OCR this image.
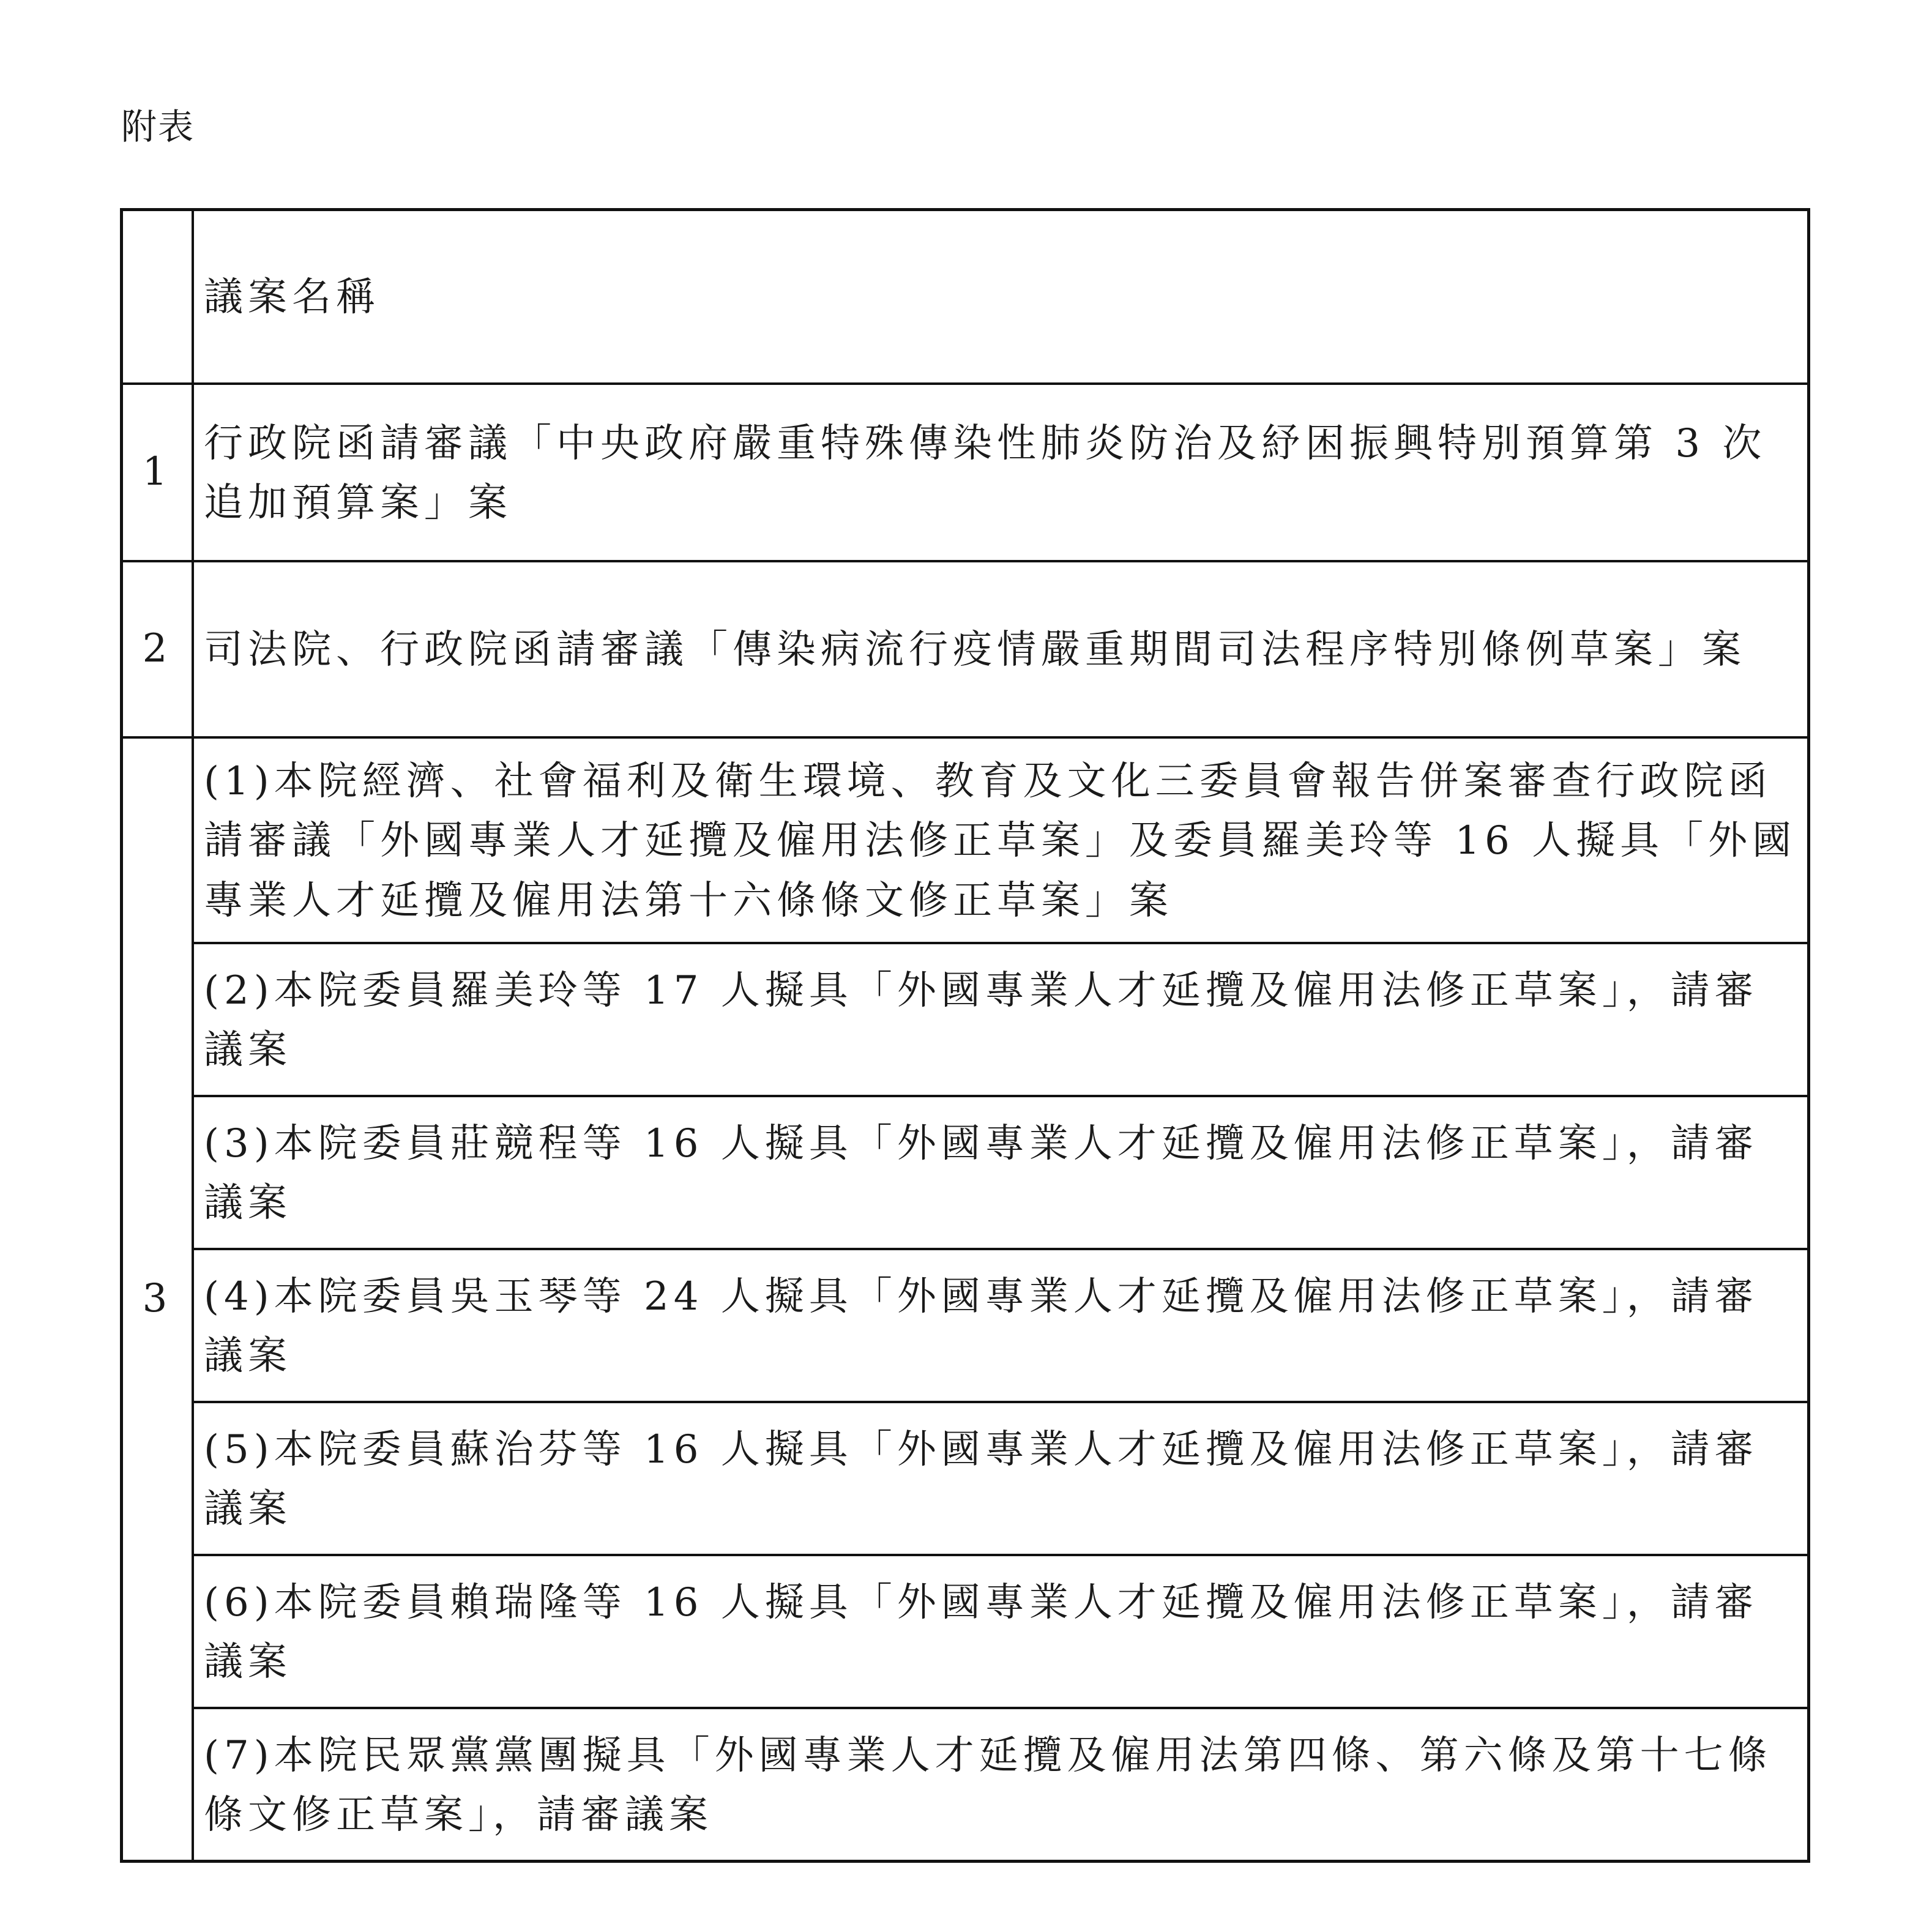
附表
	議案名稱
1	行政院函請審議「中央政府嚴重特殊傳染性肺炎防治及紓困振興特別預算第 3 次追加預算案」案
2	司法院、行政院函請審議「傳染病流行疫情嚴重期間司法程序特別條例草案」案
3	(1)本院經濟、社會福利及衛生環境、教育及文化三委員會報告併案審查行政院函請審議「外國專業人才延攬及僱用法修正草案」及委員羅美玲等 16 人擬具「外國專業人才延攬及僱用法第十六條條文修正草案」案
	(2)本院委員羅美玲等 17 人擬具「外國專業人才延攬及僱用法修正草案」，請審議案
	(3)本院委員莊競程等 16 人擬具「外國專業人才延攬及僱用法修正草案」，請審議案
	(4)本院委員吳玉琴等 24 人擬具「外國專業人才延攬及僱用法修正草案」，請審議案
	(5)本院委員蘇治芬等 16 人擬具「外國專業人才延攬及僱用法修正草案」，請審議案
	(6)本院委員賴瑞隆等 16 人擬具「外國專業人才延攬及僱用法修正草案」，請審議案
	(7)本院民眾黨黨團擬具「外國專業人才延攬及僱用法第四條、第六條及第十七條條文修正草案」，請審議案
